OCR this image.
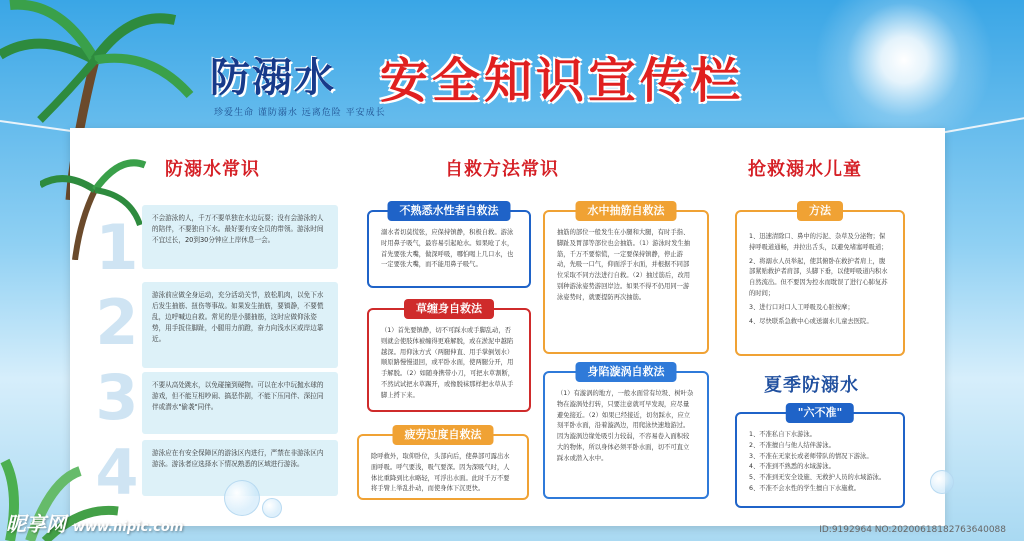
防溺水 安全知识宣传栏
珍爱生命 谨防溺水 远离危险 平安成长
防溺水常识	自救方法常识	抢救溺水儿童
1
2
3
4
不会游泳的人，千万不要单独在水边玩耍；没有会游泳的人的陪伴，不要独自下水。最好要有安全员的带领。游泳时间不宜过长，20到30分钟应上岸休息一会。
游泳前应做全身运动，充分活动关节，放松肌肉，以免下水后发生抽筋、扭伤等事故。如果发生抽筋，要镇静，不要慌乱，边呼喊边自救。常见的是小腿抽筋，这时应做仰泳姿势，用手扳住脚趾，小腿用力前蹬，奋力向浅水区或岸边靠近。
不要从高处跳水，以免碰撞到硬物。可以在水中玩抛水球的游戏，但不能互相吵闹、搞恶作剧，不能下压同伴、深拉同伴或潜水"偷袭"同伴。
游泳应在有安全保障区的游泳区内进行，严禁在非游泳区内游泳。游泳者应选择水下情况熟悉的区域进行游泳。
不熟悉水性者自救法
溺水者切莫慌张，应保持镇静，积极自救。游泳时用鼻子吸气，最容易引起呛水。如果呛了水，首先要张大嘴，做深呼吸，哪怕喝上几口水，也一定要张大嘴，而不能用鼻子吸气。
草缠身自救法
（1）首先要镇静，切不可踩水或手脚乱动，否则就会使肢体被缠得更难解脱，或在淤泥中越陷越深。用仰泳方式（两腿伸直、用手掌倒划水）顺原路慢慢退回，或平卧水面，使两腿分开，用手解脱。（2）如随身携带小刀，可把水草割断，不然试试把水草踢开，或像脱袜那样把水草从手脚上捋下来。
疲劳过度自救法
除呼救外，取仰卧位，头部向后，使鼻部可露出水面呼吸。呼气要浅，吸气要深。因为深吸气时，人体比重降到比水略轻，可浮出水面。此时千万不要将手臂上举乱扑动，而使身体下沉更快。
水中抽筋自救法
抽筋的部位一般发生在小腿和大腿，有时手指、脚趾及胃部等部位也会抽筋。（1）游泳时发生抽筋，千万不要惊慌，一定要保持镇静，停止游动，先吸一口气，仰面浮于水面，并根据不同部位采取不同方法进行自救。（2）抽过筋后，改用别种游泳姿势游回岸边。如果不得不仍用同一游泳姿势时，就要提防再次抽筋。
身陷漩涡自救法
（1）有漩涡的地方，一般水面常有垃圾、树叶杂物在漩涡处打转，只要注意就可早发现，应尽量避免接近。（2）如果已经接近，切勿踩水，应立刻平卧水面，沿着漩涡边，用爬泳快速地游过。因为漩涡边缘处吸引力较弱，不容易卷入面积较大的物体，所以身体必须平卧水面，切不可直立踩水或潜入水中。
方法
1、迅速清除口、鼻中的污泥、杂草及分泌物；保持呼吸道通畅，并拉出舌头，以避免堵塞呼吸道；
2、将溺水人员举起，使其俯卧在救护者肩上，腹部紧贴救护者肩部，头脚下垂，以使呼吸道内积水自然流出。但不要因为控水而耽误了进行心肺复苏的时间；
3、进行口对口人工呼吸及心脏按摩；
4、尽快联系急救中心或送溺水儿童去医院。
夏季防溺水
"六不准"
1、不准私自下水游泳。
2、不准擅自与他人结伴游泳。
3、不准在无家长或老师带队的情况下游泳。
4、不准到不熟悉的水域游泳。
5、不准到无安全设施、无救护人员的水域游泳。
6、不准不会水性的学生擅自下水施救。
昵享网 www.nipic.com	ID:9192964 NO:20200618182763640088
